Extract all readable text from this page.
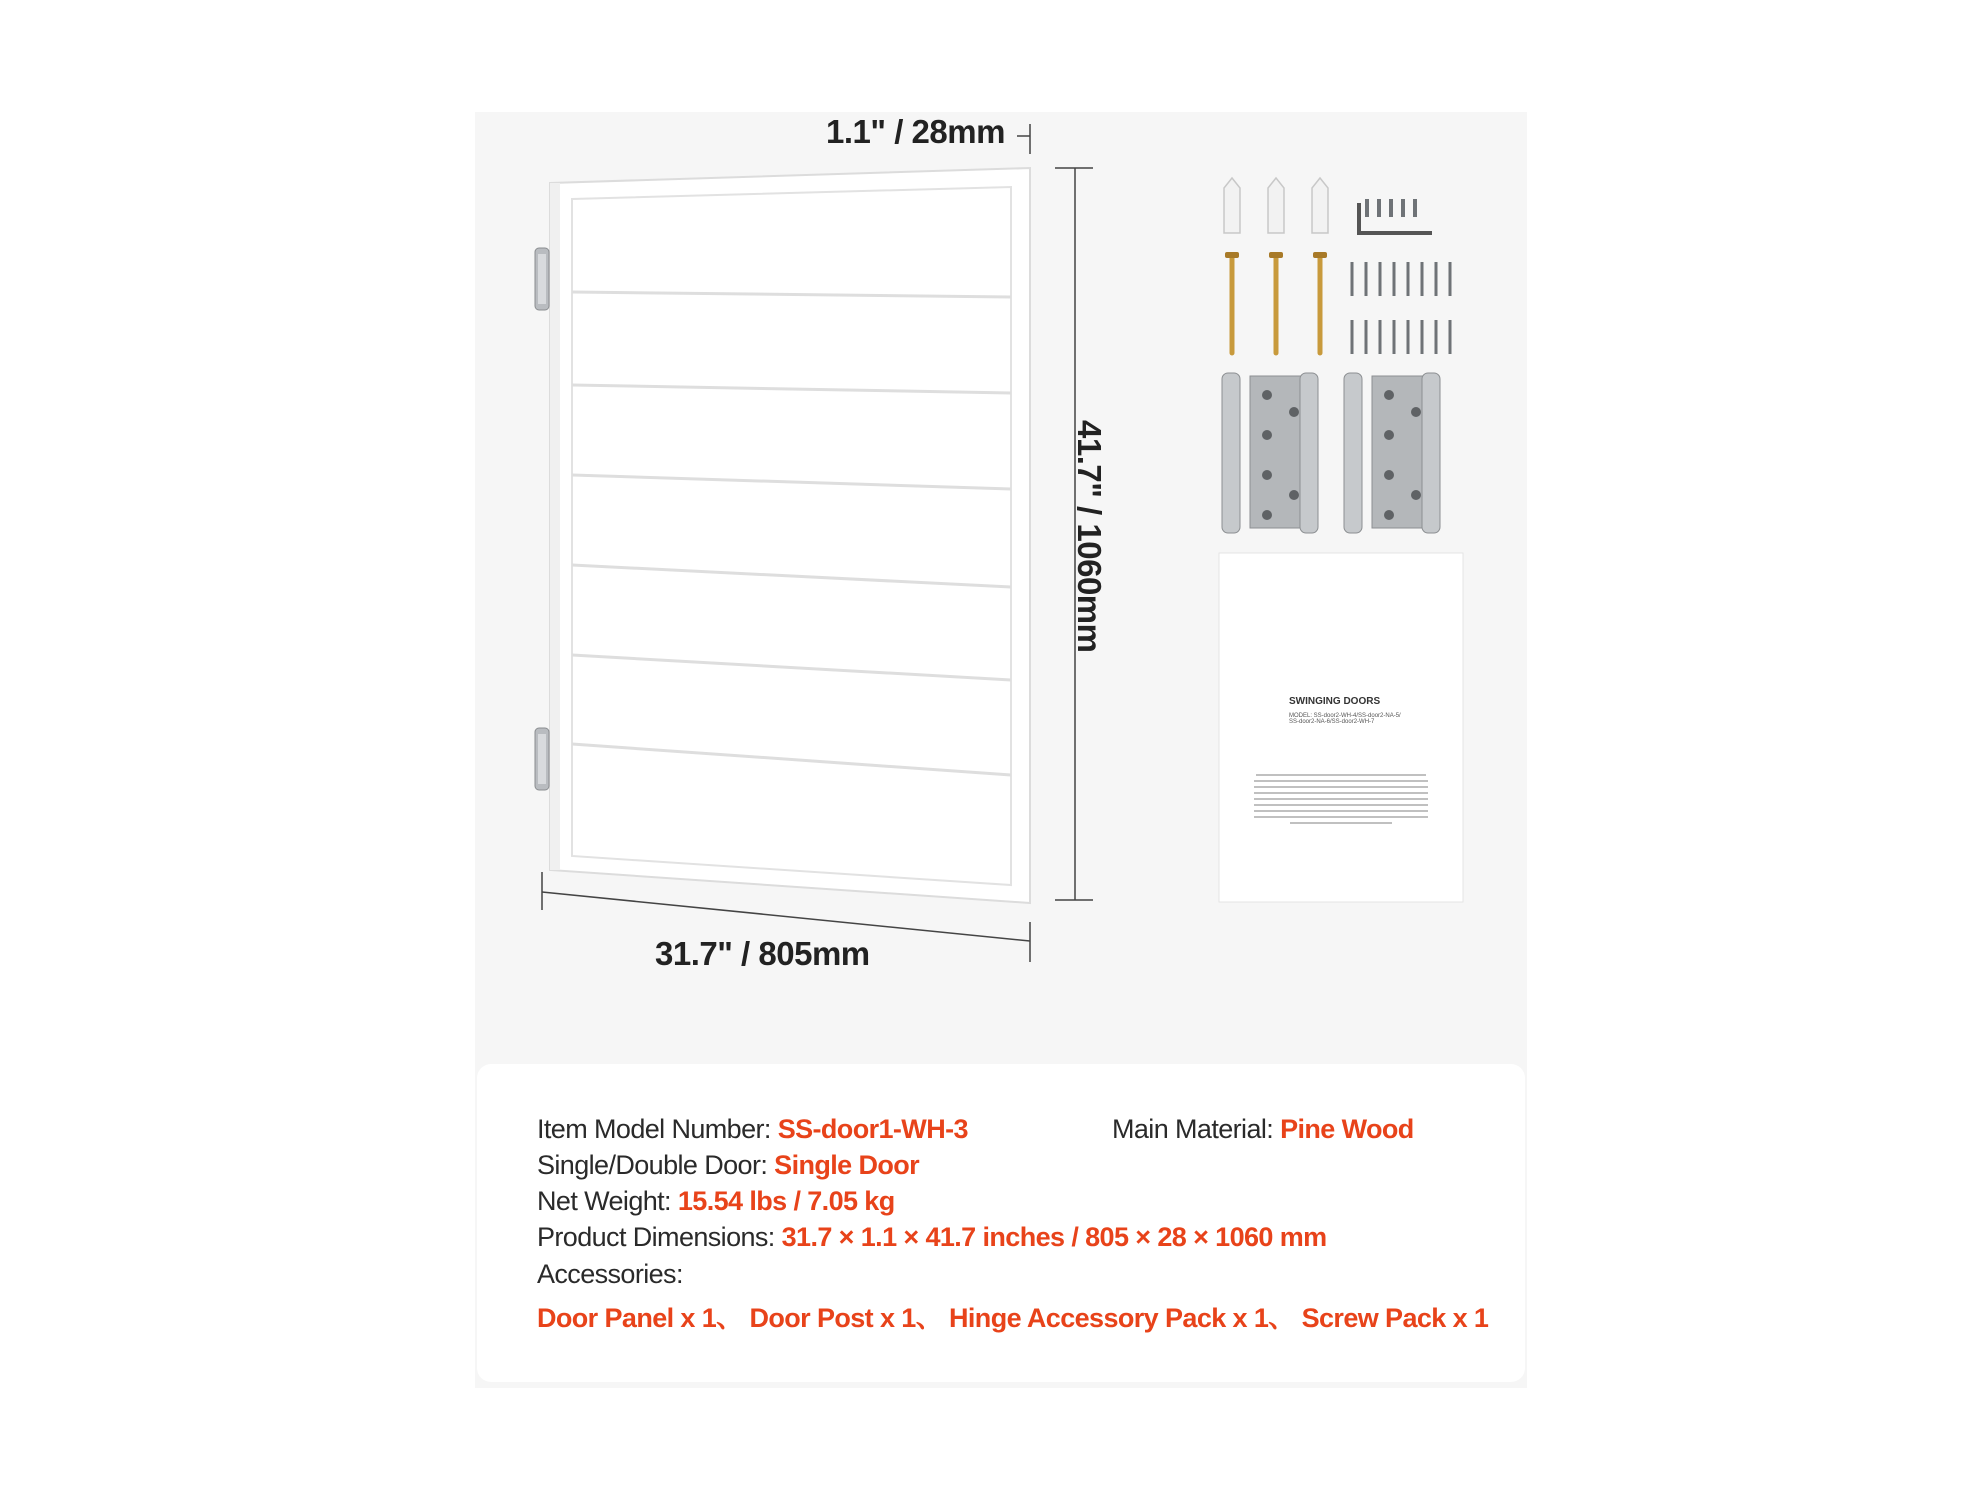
SWINGING DOORS
MODEL: SS-door2-WH-4/SS-door2-NA-5/
SS-door2-NA-6/SS-door2-WH-7
1.1" / 28mm
41.7" / 1060mm
31.7" / 805mm
Item Model Number: SS-door1-WH-3	Main Material: Pine Wood
Single/Double Door: Single Door
Net Weight: 15.54 lbs / 7.05 kg
Product Dimensions: 31.7 × 1.1 × 41.7 inches / 805 × 28 × 1060 mm
Accessories:
Door Panel x 1、 Door Post x 1、 Hinge Accessory Pack x 1、 Screw Pack x 1
